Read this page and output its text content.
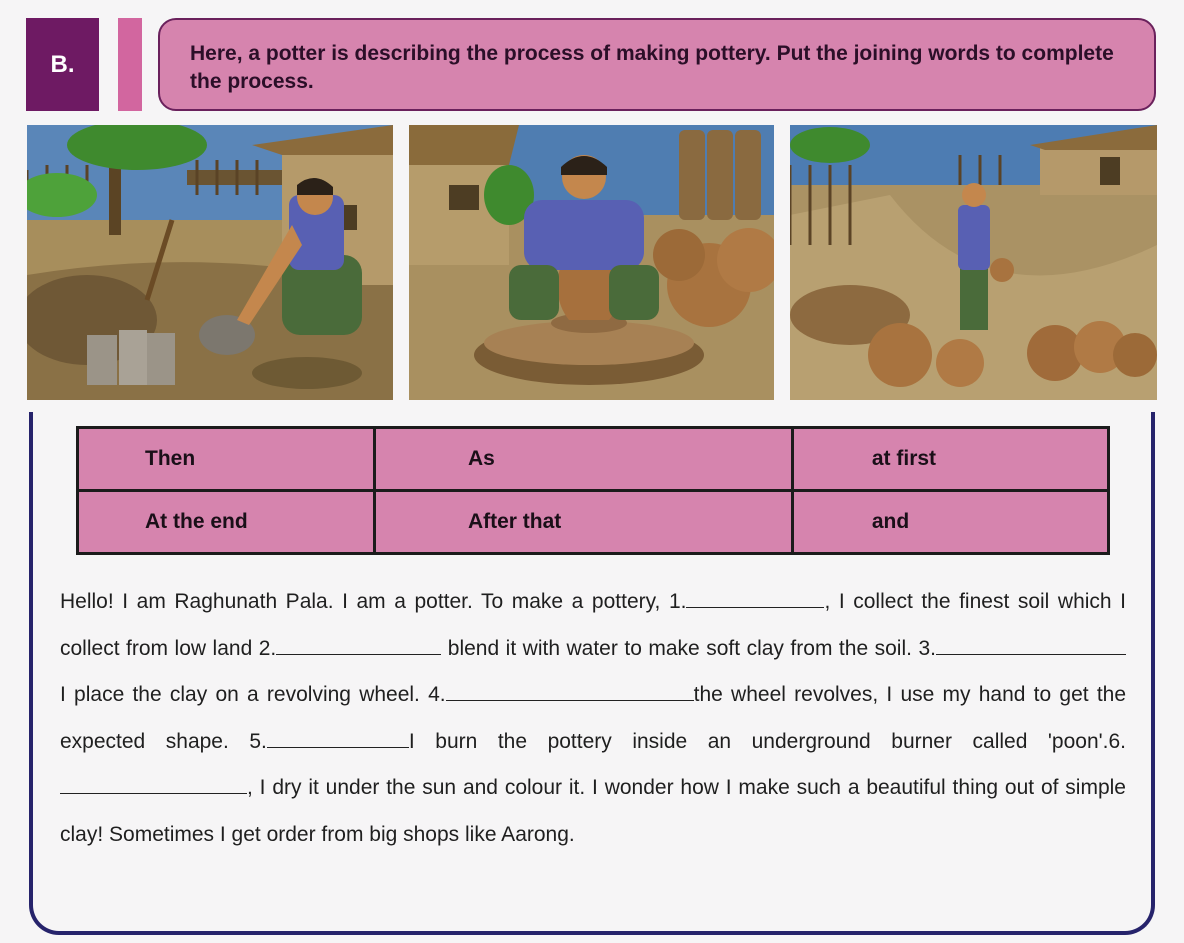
B.	Here, a potter is describing the process of making pottery. Put the joining words to complete the process.
Then	As	at first
At the end	After that	and
Hello! I am Raghunath Pala. I am a potter. To make a pottery, 1.	, I collect the finest soil which I collect from low land 2.	blend it with water to make soft clay from the soil. 3. I place the clay on a revolving wheel. 4.	the wheel revolves, I use my hand to get the expected shape. 5.	I burn the pottery inside an underground burner called 'poon'.6., I dry it under the sun and colour it. I wonder how I make such a beautiful thing out of simple clay! Sometimes I get order from big shops like Aarong.
